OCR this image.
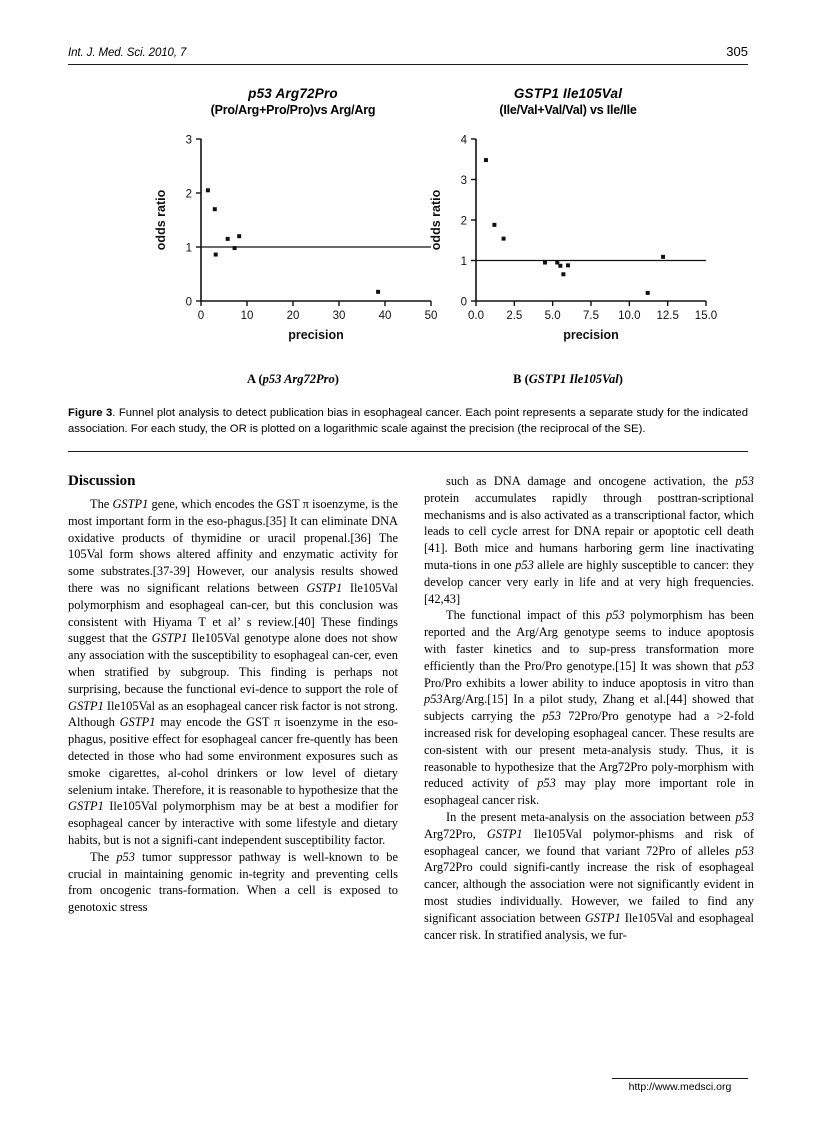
Int. J. Med. Sci. 2010, 7	305
p53 Arg72Pro
(Pro/Arg+Pro/Pro)vs Arg/Arg
0
1
2
3
0	10	20	30	40	50
precision
odds ratio
A (p53 Arg72Pro)
GSTP1 Ile105Val
(Ile/Val+Val/Val) vs Ile/Ile
0
1
2
3
4
0.0 2.5 5.0 7.5 10.0 12.5 15.0
precision
odds ratio
B (GSTP1 Ile105Val)
Figure 3. Funnel plot analysis to detect publication bias in esophageal cancer. Each point represents a separate study for the indicated association. For each study, the OR is plotted on a logarithmic scale against the precision (the reciprocal of the SE).
Discussion

The GSTP1 gene, which encodes the GST π isoenzyme, is the most important form in the eso-phagus.[35] It can eliminate DNA oxidative products of thymidine or uracil propenal.[36] The 105Val form shows altered affinity and enzymatic activity for some substrates.[37-39] However, our analysis results showed there was no significant relations between GSTP1 Ile105Val polymorphism and esophageal can-cer, but this conclusion was consistent with Hiyama T et al’ s review.[40] These findings suggest that the GSTP1 Ile105Val genotype alone does not show any association with the susceptibility to esophageal can-cer, even when stratified by subgroup. This finding is perhaps not surprising, because the functional evi-dence to support the role of GSTP1 Ile105Val as an esophageal cancer risk factor is not strong. Although GSTP1 may encode the GST π isoenzyme in the eso-phagus, positive effect for esophageal cancer fre-quently has been detected in those who had some environment exposures such as smoke cigarettes, al-cohol drinkers or low level of dietary selenium intake. Therefore, it is reasonable to hypothesize that the GSTP1 Ile105Val polymorphism may be at best a modifier for esophageal cancer by interactive with some lifestyle and dietary habits, but is not a signifi-cant independent susceptibility factor.

The p53 tumor suppressor pathway is well-known to be crucial in maintaining genomic in-tegrity and preventing cells from oncogenic trans-formation. When a cell is exposed to genotoxic stress

such as DNA damage and oncogene activation, the p53 protein accumulates rapidly through posttran-scriptional mechanisms and is also activated as a transcriptional factor, which leads to cell cycle arrest for DNA repair or apoptotic cell death [41]. Both mice and humans harboring germ line inactivating muta-tions in one p53 allele are highly susceptible to cancer: they develop cancer very early in life and at very high frequencies. [42,43]

The functional impact of this p53 polymorphism has been reported and the Arg/Arg genotype seems to induce apoptosis with faster kinetics and to sup-press transformation more efficiently than the Pro/Pro genotype.[15] It was shown that p53 Pro/Pro exhibits a lower ability to induce apoptosis in vitro than p53Arg/Arg.[15] In a pilot study, Zhang et al.[44] showed that subjects carrying the p53 72Pro/Pro genotype had a >2-fold increased risk for developing esophageal cancer. These results are con-sistent with our present meta-analysis study. Thus, it is reasonable to hypothesize that the Arg72Pro poly-morphism with reduced activity of p53 may play more important role in esophageal cancer risk.

In the present meta-analysis on the association between p53 Arg72Pro, GSTP1 Ile105Val polymor-phisms and risk of esophageal cancer, we found that variant 72Pro of alleles p53 Arg72Pro could signifi-cantly increase the risk of esophageal cancer, although the association were not significantly evident in most studies individually. However, we failed to find any significant association between GSTP1 Ile105Val and esophageal cancer risk. In stratified analysis, we fur-

http://www.medsci.org
